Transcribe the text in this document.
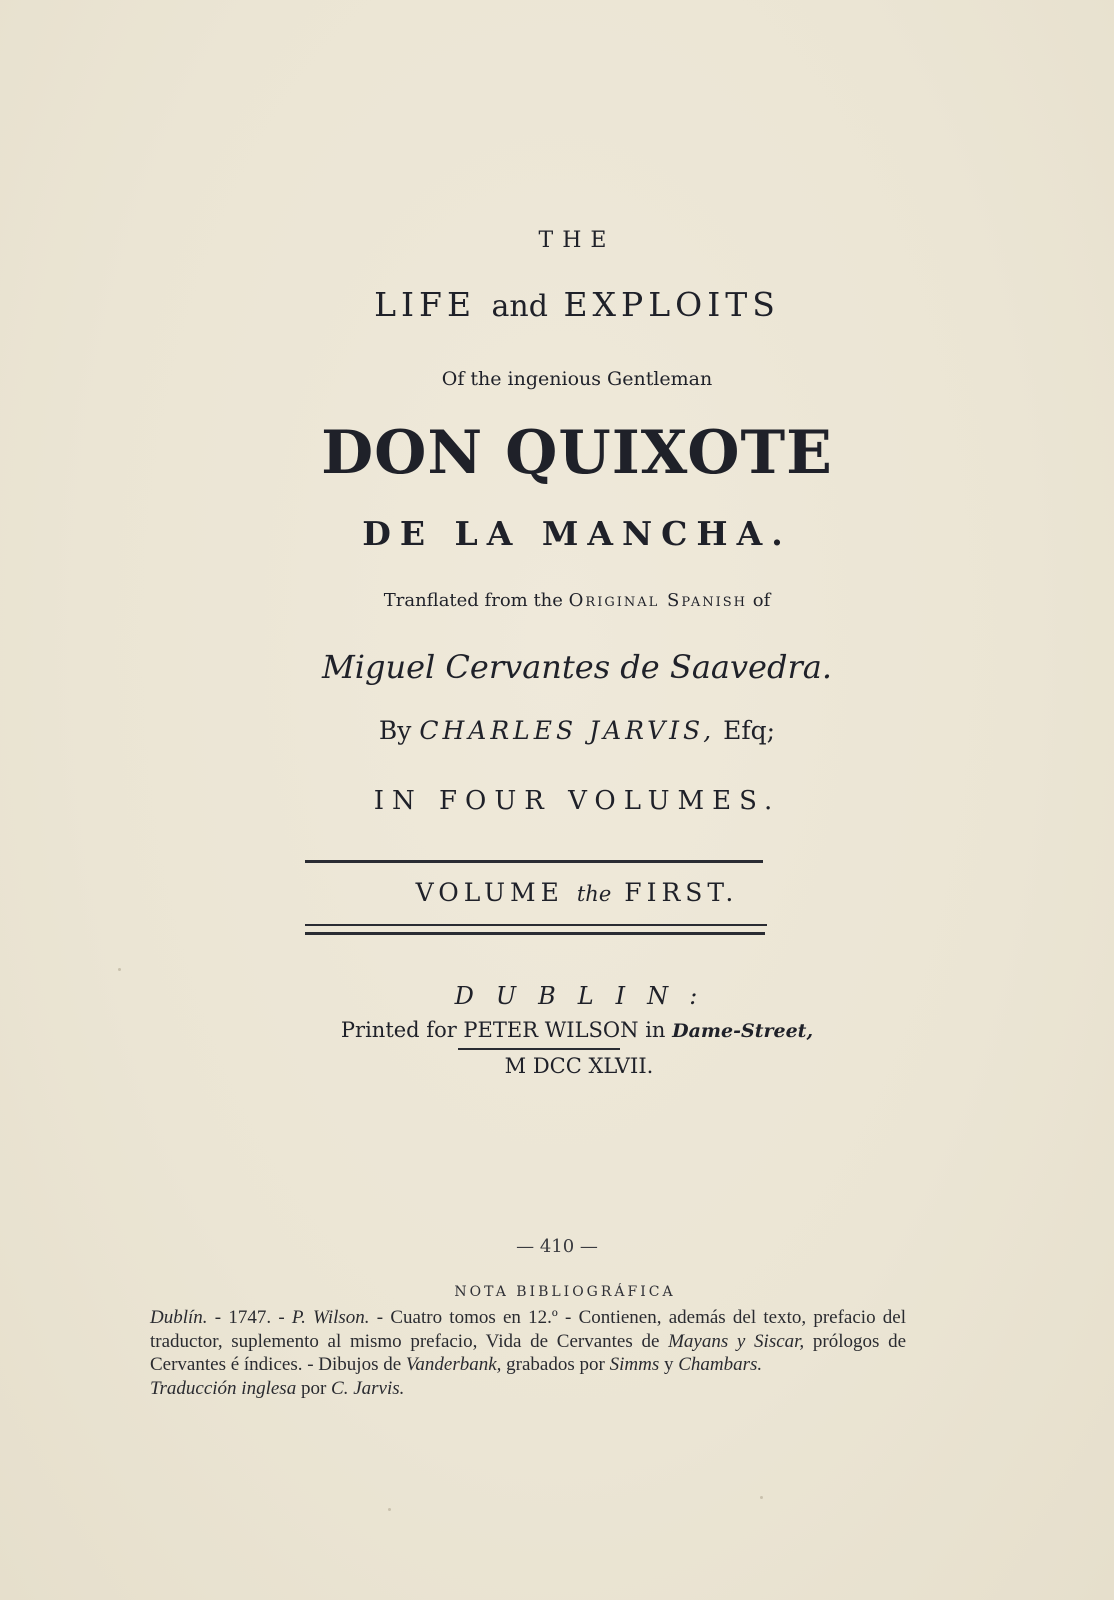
THE
LIFE and EXPLOITS
Of the ingenious Gentleman
DON QUIXOTE
DE LA MANCHA.
Tranflated from the Original Spanish of
Miguel Cervantes de Saavedra.
By CHARLES JARVIS, Efq;
IN FOUR VOLUMES.
VOLUME the FIRST.
DUBLIN:
Printed for PETER WILSON in Dame-Street,
M DCC XLVII.
— 410 —
NOTA BIBLIOGRÁFICA

Dublín. - 1747. - P. Wilson. - Cuatro tomos en 12.º - Contienen, además del texto, prefacio del traductor, suplemento al mismo prefacio, Vida de Cervantes de Mayans y Siscar, prólogos de Cervantes é índices. - Dibujos de Vanderbank, grabados por Simms y Chambars.

Traducción inglesa por C. Jarvis.
